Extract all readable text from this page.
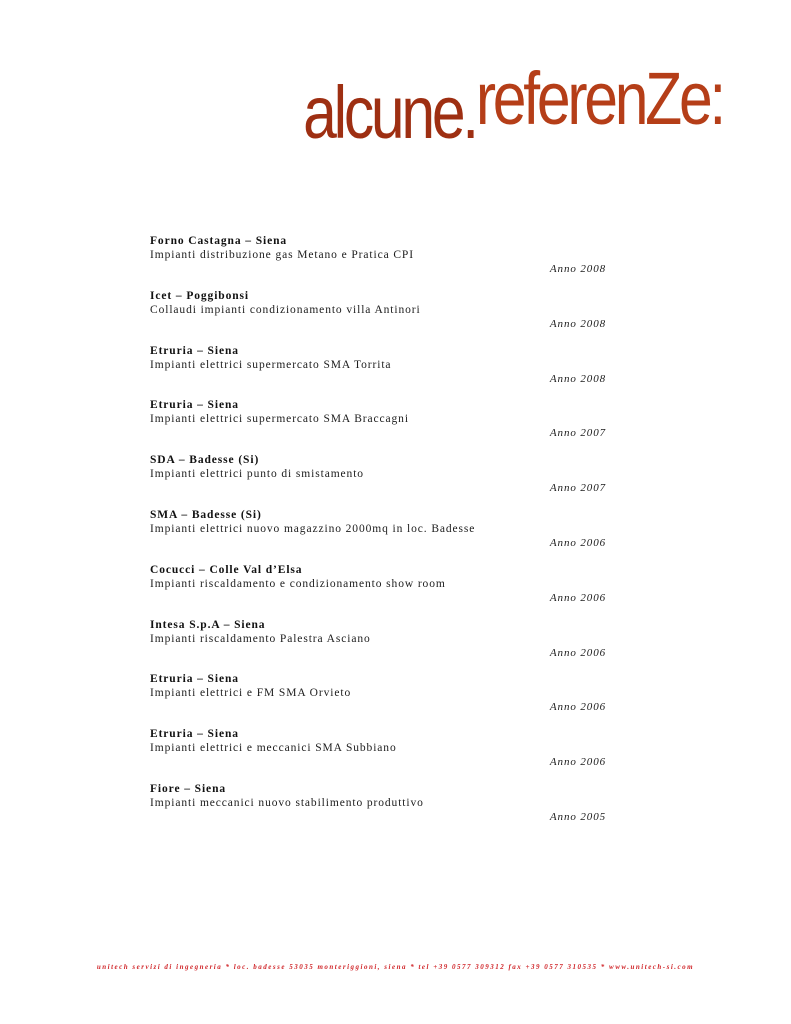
alcune.referenZe:
Forno Castagna – Siena
Impianti distribuzione gas Metano e Pratica CPI
Anno 2008
Icet – Poggibonsi
Collaudi impianti condizionamento villa Antinori
Anno 2008
Etruria – Siena
Impianti elettrici supermercato SMA Torrita
Anno 2008
Etruria – Siena
Impianti elettrici supermercato SMA Braccagni
Anno 2007
SDA – Badesse (Si)
Impianti elettrici punto di smistamento
Anno 2007
SMA – Badesse (Si)
Impianti elettrici nuovo magazzino 2000mq in loc. Badesse
Anno 2006
Cocucci – Colle Val d’Elsa
Impianti riscaldamento e condizionamento show room
Anno 2006
Intesa S.p.A – Siena
Impianti riscaldamento Palestra Asciano
Anno 2006
Etruria – Siena
Impianti elettrici e FM SMA Orvieto
Anno 2006
Etruria – Siena
Impianti elettrici e meccanici SMA Subbiano
Anno 2006
Fiore – Siena
Impianti meccanici nuovo stabilimento produttivo
Anno 2005
unitech servizi di ingegneria * loc. badesse 53035 monteriggioni, siena * tel +39 0577 309312 fax +39 0577 310535 * www.unitech-si.com
